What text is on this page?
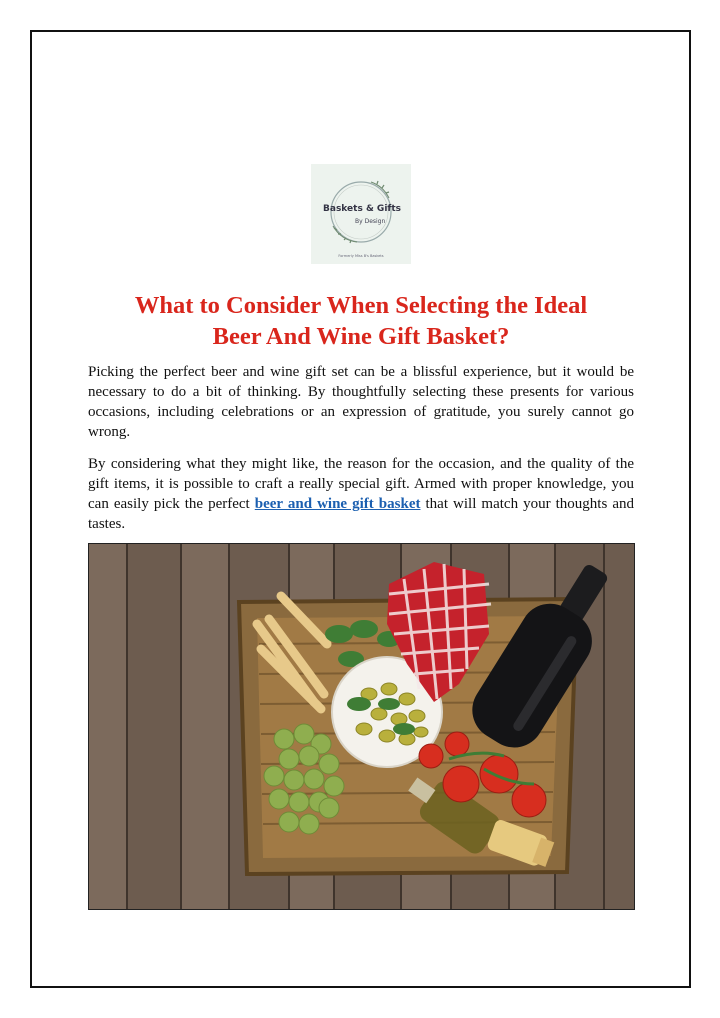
Baskets & Gifts
By Design
Formerly Miss B's Baskets
What to Consider When Selecting the Ideal
Beer And Wine Gift Basket?

Picking the perfect beer and wine gift set can be a blissful experience, but it would be necessary to do a bit of thinking. By thoughtfully selecting these presents for various occasions, including celebrations or an expression of gratitude, you surely cannot go wrong.

By considering what they might like, the reason for the occasion, and the quality of the gift items, it is possible to craft a really special gift. Armed with proper knowledge, you can easily pick the perfect beer and wine gift basket that will match your thoughts and tastes.
